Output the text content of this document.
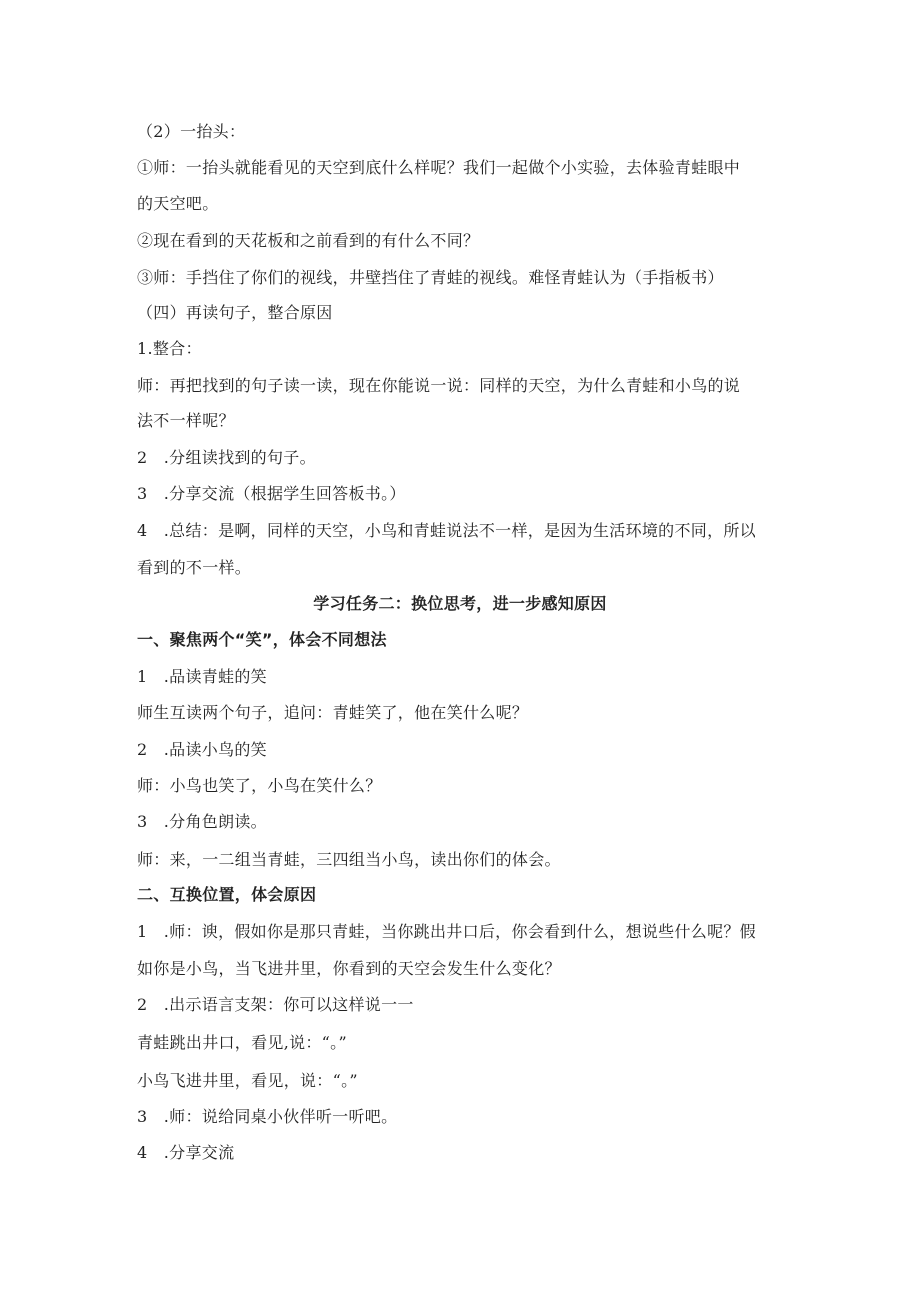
（2）一抬头：
①师：一抬头就能看见的天空到底什么样呢？我们一起做个小实验，去体验青蛙眼中
的天空吧。
②现在看到的天花板和之前看到的有什么不同？
③师：手挡住了你们的视线，井壁挡住了青蛙的视线。难怪青蛙认为（手指板书）
（四）再读句子，整合原因
1.整合：
师：再把找到的句子读一读，现在你能说一说：同样的天空，为什么青蛙和小鸟的说
法不一样呢？
2　.分组读找到的句子。
3　.分享交流（根据学生回答板书。）
4　.总结：是啊，同样的天空，小鸟和青蛙说法不一样，是因为生活环境的不同，所以
看到的不一样。
学习任务二：换位思考，进一步感知原因
一、聚焦两个“笑”，体会不同想法
1　.品读青蛙的笑
师生互读两个句子，追问：青蛙笑了，他在笑什么呢？
2　.品读小鸟的笑
师：小鸟也笑了，小鸟在笑什么？
3　.分角色朗读。
师：来，一二组当青蛙，三四组当小鸟，读出你们的体会。
二、互换位置，体会原因
1　.师：谀，假如你是那只青蛙，当你跳出井口后，你会看到什么，想说些什么呢？假
如你是小鸟，当飞进井里，你看到的天空会发生什么变化？
2　.出示语言支架：你可以这样说一一
青蛙跳出井口，看见,说：“。”
小鸟飞进井里，看见，说：“。”
3　.师：说给同桌小伙伴听一听吧。
4　.分享交流
